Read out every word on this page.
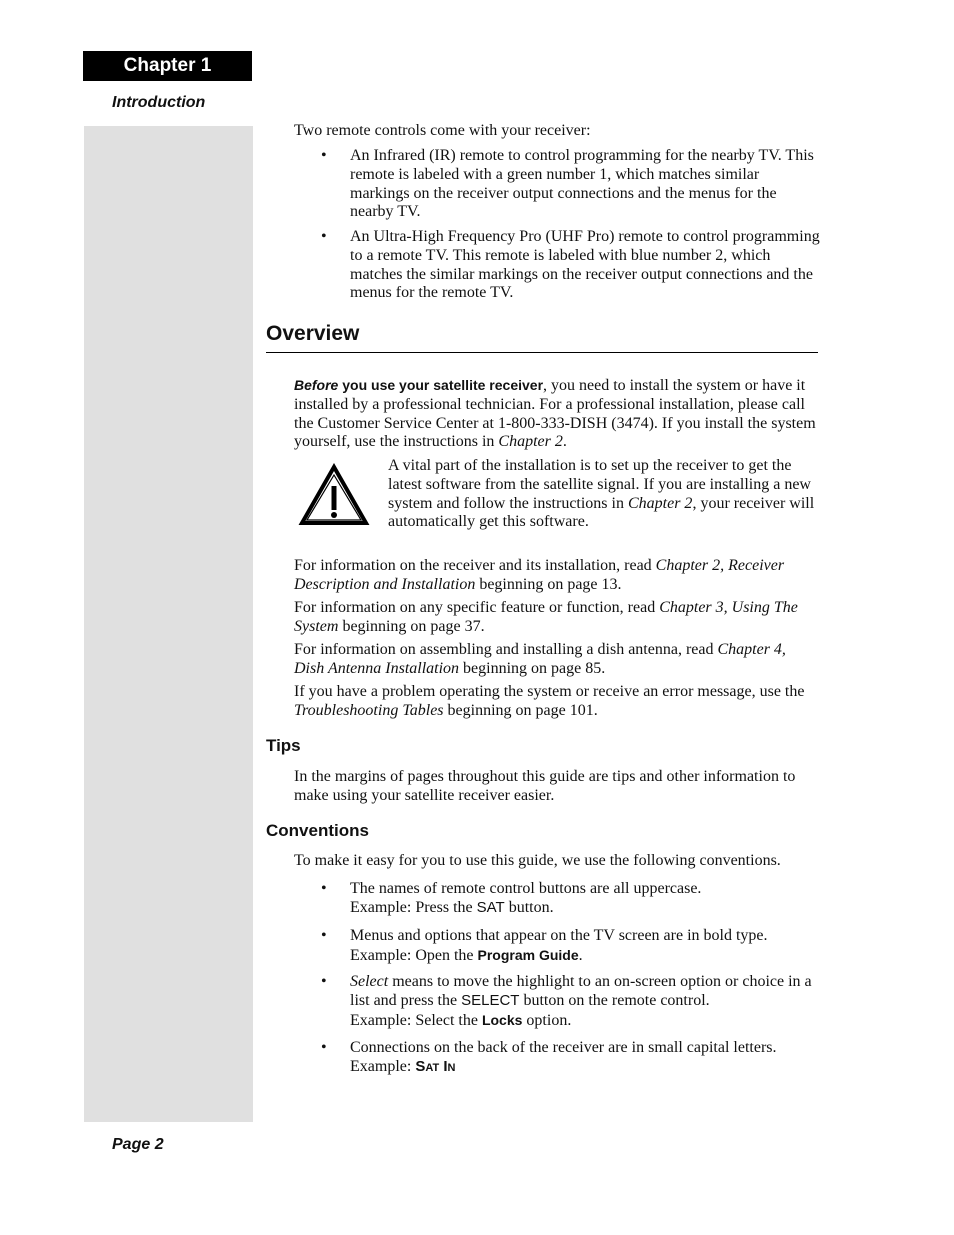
Chapter 1
Introduction

Two remote controls come with your receiver:

• An Infrared (IR) remote to control programming for the nearby TV. This remote is labeled with a green number 1, which matches similar markings on the receiver output connections and the menus for the nearby TV.

• An Ultra-High Frequency Pro (UHF Pro) remote to control programming to a remote TV. This remote is labeled with blue number 2, which matches the similar markings on the receiver output connections and the menus for the remote TV.

Overview

Before you use your satellite receiver, you need to install the system or have it installed by a professional technician. For a professional installation, please call the Customer Service Center at 1-800-333-DISH (3474). If you install the system yourself, use the instructions in Chapter 2.

A vital part of the installation is to set up the receiver to get the latest software from the satellite signal. If you are installing a new system and follow the instructions in Chapter 2, your receiver will automatically get this software.

For information on the receiver and its installation, read Chapter 2, Receiver Description and Installation beginning on page 13.

For information on any specific feature or function, read Chapter 3, Using The System beginning on page 37.

For information on assembling and installing a dish antenna, read Chapter 4, Dish Antenna Installation beginning on page 85.

If you have a problem operating the system or receive an error message, use the Troubleshooting Tables beginning on page 101.

Tips

In the margins of pages throughout this guide are tips and other information to make using your satellite receiver easier.

Conventions

To make it easy for you to use this guide, we use the following conventions.

• The names of remote control buttons are all uppercase.
Example: Press the SAT button.

• Menus and options that appear on the TV screen are in bold type.
Example: Open the Program Guide.

• Select means to move the highlight to an on-screen option or choice in a list and press the SELECT button on the remote control.
Example: Select the Locks option.

• Connections on the back of the receiver are in small capital letters.
Example: Sat In

Page 2
